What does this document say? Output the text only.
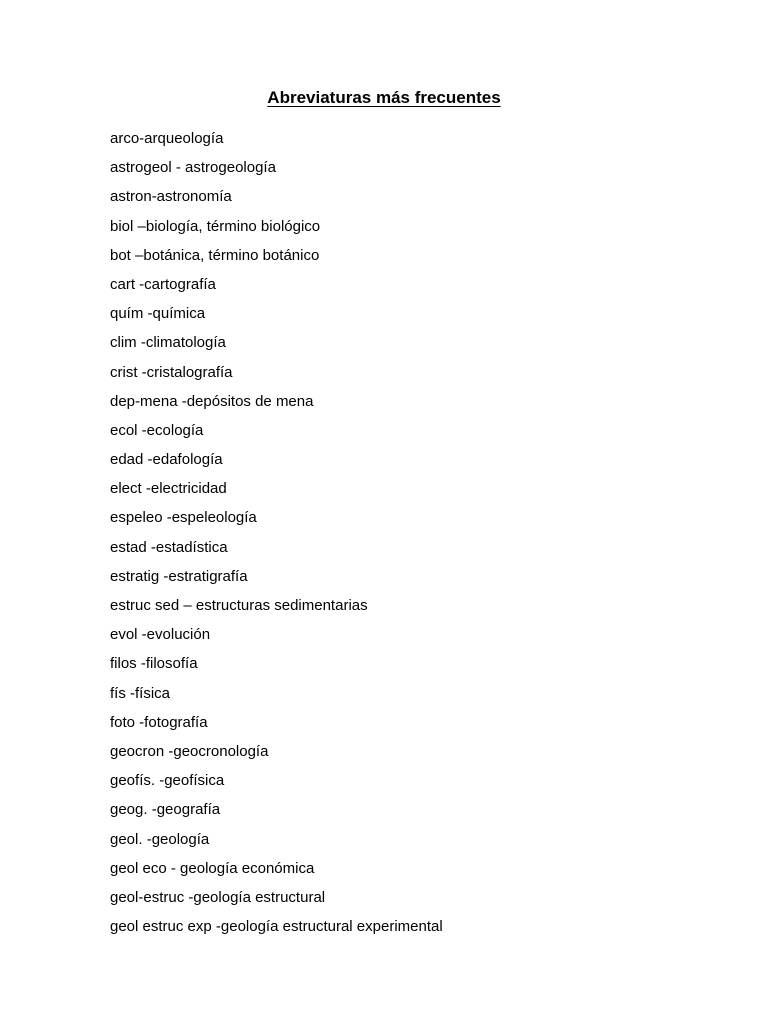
Abreviaturas más frecuentes
arco-arqueología
astrogeol - astrogeología
astron-astronomía
biol –biología, término biológico
bot –botánica, término botánico
cart -cartografía
quím -química
clim -climatología
crist -cristalografía
dep-mena -depósitos de mena
ecol -ecología
edad -edafología
elect -electricidad
espeleo -espeleología
estad -estadística
estratig -estratigrafía
estruc sed – estructuras sedimentarias
evol -evolución
filos -filosofía
fís -física
foto -fotografía
geocron -geocronología
geofís. -geofísica
geog. -geografía
geol. -geología
geol eco - geología económica
geol-estruc -geología estructural
geol estruc exp -geología estructural experimental
